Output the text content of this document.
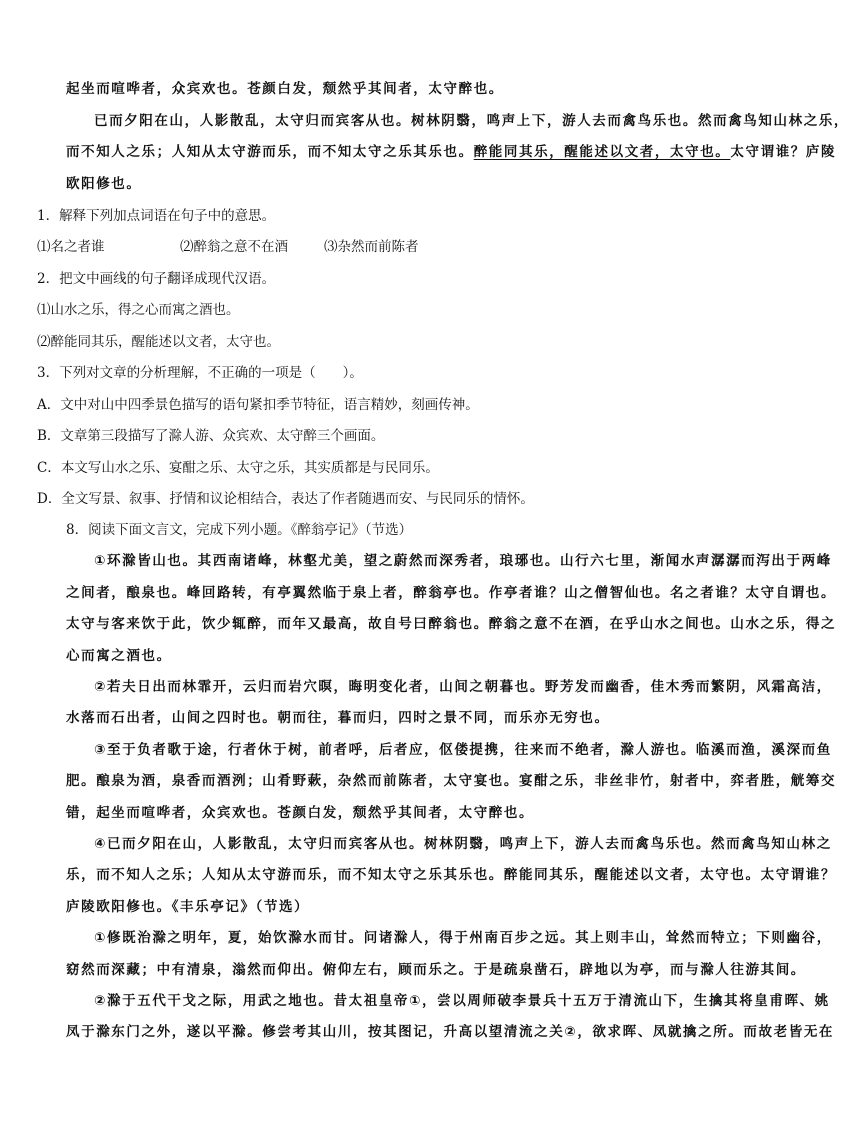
起坐而喧哗者，众宾欢也。苍颜白发，颓然乎其间者，太守醉也。
已而夕阳在山，人影散乱，太守归而宾客从也。树林阴翳，鸣声上下，游人去而禽鸟乐也。然而禽鸟知山林之乐，
而不知人之乐；人知从太守游而乐，而不知太守之乐其乐也。醉能同其乐，醒能述以文者，太守也。太守谓谁？庐陵
欧阳修也。
1．解释下列加点词语在句子中的意思。
⑴名之者谁	⑵醉翁之意不在酒	⑶杂然而前陈者
2．把文中画线的句子翻译成现代汉语。
⑴山水之乐，得之心而寓之酒也。
⑵醉能同其乐，醒能述以文者，太守也。
3．下列对文章的分析理解，不正确的一项是（　　）。
A．文中对山中四季景色描写的语句紧扣季节特征，语言精妙，刻画传神。
B．文章第三段描写了滁人游、众宾欢、太守醉三个画面。
C．本文写山水之乐、宴酣之乐、太守之乐，其实质都是与民同乐。
D．全文写景、叙事、抒情和议论相结合，表达了作者随遇而安、与民同乐的情怀。
8．阅读下面文言文，完成下列小题。《醉翁亭记》（节选）
①环滁皆山也。其西南诸峰，林壑尤美，望之蔚然而深秀者，琅琊也。山行六七里，渐闻水声潺潺而泻出于两峰
之间者，酿泉也。峰回路转，有亭翼然临于泉上者，醉翁亭也。作亭者谁？山之僧智仙也。名之者谁？太守自谓也。
太守与客来饮于此，饮少辄醉，而年又最高，故自号曰醉翁也。醉翁之意不在酒，在乎山水之间也。山水之乐，得之
心而寓之酒也。
②若夫日出而林霏开，云归而岩穴暝，晦明变化者，山间之朝暮也。野芳发而幽香，佳木秀而繁阴，风霜高洁，
水落而石出者，山间之四时也。朝而往，暮而归，四时之景不同，而乐亦无穷也。
③至于负者歌于途，行者休于树，前者呼，后者应，伛偻提携，往来而不绝者，滁人游也。临溪而渔，溪深而鱼
肥。酿泉为酒，泉香而酒洌；山肴野蔌，杂然而前陈者，太守宴也。宴酣之乐，非丝非竹，射者中，弈者胜，觥筹交
错，起坐而喧哗者，众宾欢也。苍颜白发，颓然乎其间者，太守醉也。
④已而夕阳在山，人影散乱，太守归而宾客从也。树林阴翳，鸣声上下，游人去而禽鸟乐也。然而禽鸟知山林之
乐，而不知人之乐；人知从太守游而乐，而不知太守之乐其乐也。醉能同其乐，醒能述以文者，太守也。太守谓谁？
庐陵欧阳修也。《丰乐亭记》（节选）
①修既治滁之明年，夏，始饮滁水而甘。问诸滁人，得于州南百步之远。其上则丰山，耸然而特立；下则幽谷，
窈然而深藏；中有清泉，滃然而仰出。俯仰左右，顾而乐之。于是疏泉凿石，辟地以为亭，而与滁人往游其间。
②滁于五代干戈之际，用武之地也。昔太祖皇帝①，尝以周师破李景兵十五万于清流山下，生擒其将皇甫晖、姚
凤于滁东门之外，遂以平滁。修尝考其山川，按其图记，升高以望清流之关②，欲求晖、凤就擒之所。而故老皆无在
